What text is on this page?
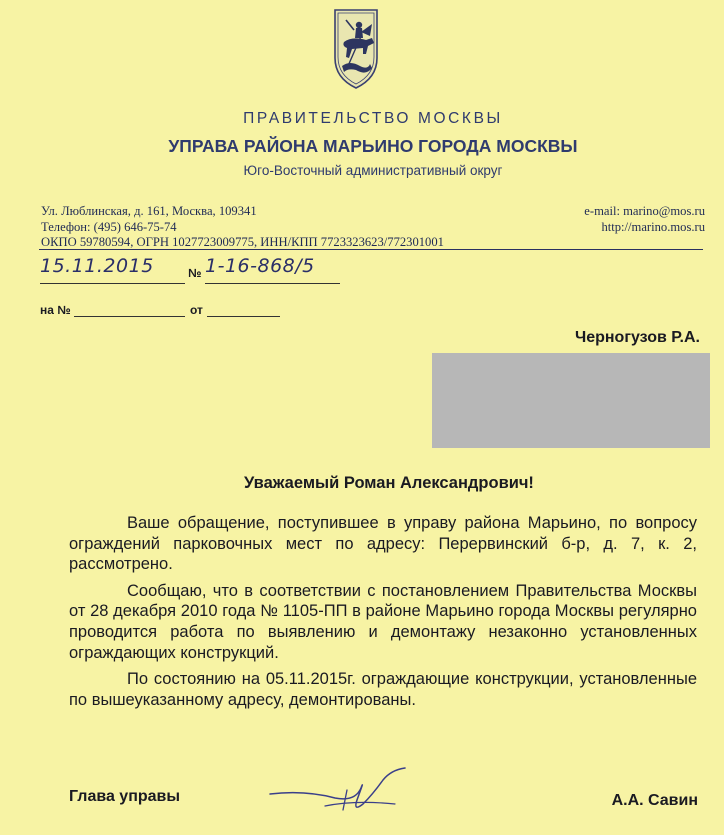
ПРАВИТЕЛЬСТВО МОСКВЫ
УПРАВА РАЙОНА МАРЬИНО ГОРОДА МОСКВЫ
Юго-Восточный административный округ
Ул. Люблинская, д. 161, Москва, 109341
Телефон: (495) 646-75-74
ОКПО 59780594, ОГРН 1027723009775, ИНН/КПП 7723323623/772301001
e-mail: marino@mos.ru
http://marino.mos.ru
15.11.2015	№ 1-16-868/5
на №	от
Черногузов Р.А.
Уважаемый Роман Александрович!

Ваше обращение, поступившее в управу района Марьино, по вопросу ограждений парковочных мест по адресу: Перервинский б-р, д. 7, к. 2, рассмотрено.

Сообщаю, что в соответствии с постановлением Правительства Москвы от 28 декабря 2010 года № 1105-ПП в районе Марьино города Москвы регулярно проводится работа по выявлению и демонтажу незаконно установленных ограждающих конструкций.

По состоянию на 05.11.2015г. ограждающие конструкции, установленные по вышеуказанному адресу, демонтированы.

Глава управы	А.А. Савин
